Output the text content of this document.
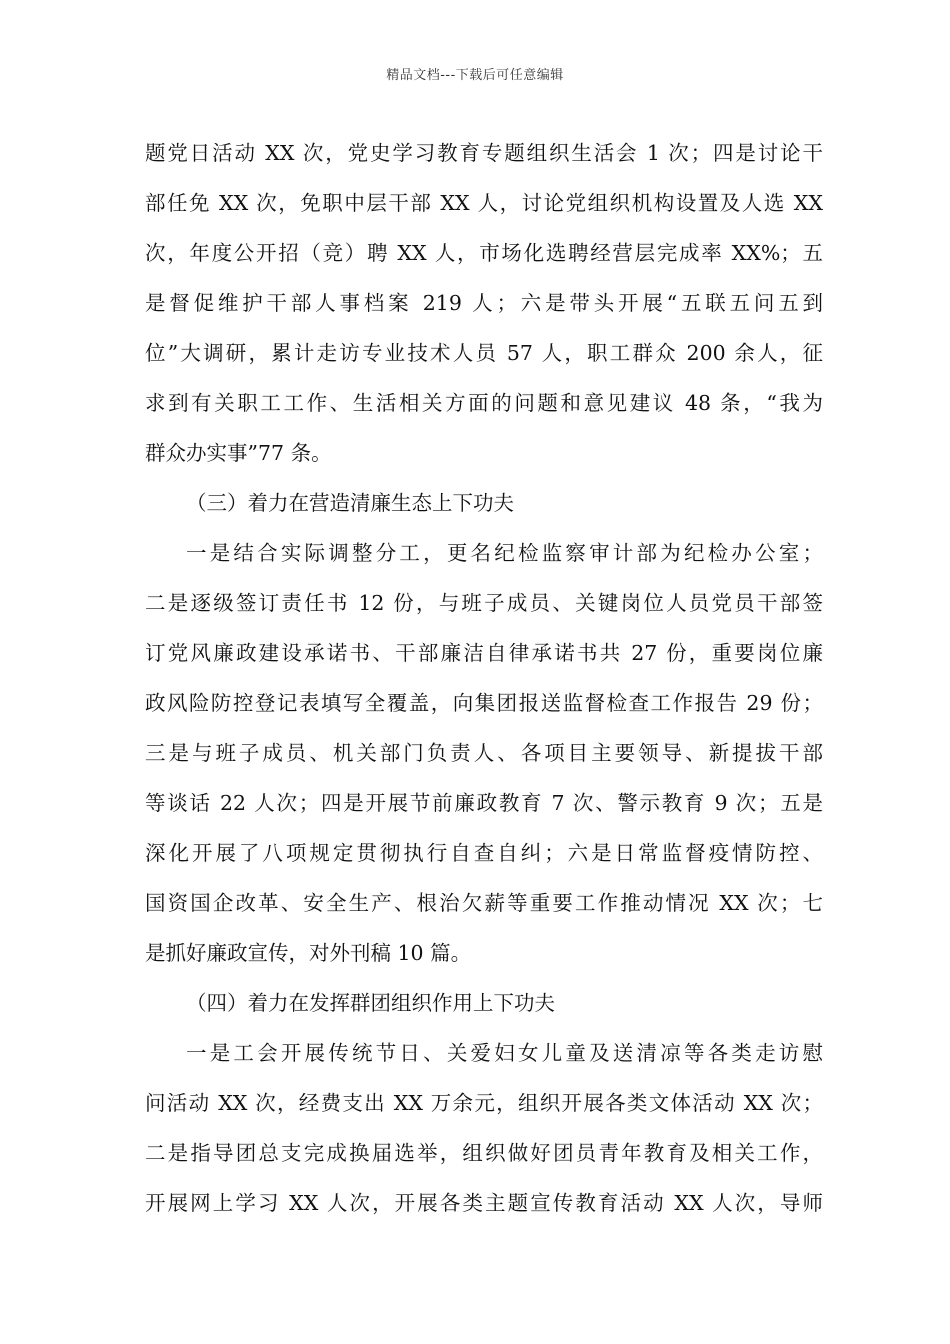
精品文档---下载后可任意编辑
题党日活动 XX 次，党史学习教育专题组织生活会 1 次；四是讨论干
部任免 XX 次，免职中层干部 XX 人，讨论党组织机构设置及人选 XX
次，年度公开招（竞）聘 XX 人，市场化选聘经营层完成率 XX%；五
是督促维护干部人事档案 219 人；六是带头开展“五联五问五到
位”大调研，累计走访专业技术人员 57 人，职工群众 200 余人，征
求到有关职工工作、生活相关方面的问题和意见建议 48 条，“我为
群众办实事”77 条。
（三）着力在营造清廉生态上下功夫
一是结合实际调整分工，更名纪检监察审计部为纪检办公室；
二是逐级签订责任书 12 份，与班子成员、关键岗位人员党员干部签
订党风廉政建设承诺书、干部廉洁自律承诺书共 27 份，重要岗位廉
政风险防控登记表填写全覆盖，向集团报送监督检查工作报告 29 份；
三是与班子成员、机关部门负责人、各项目主要领导、新提拔干部
等谈话 22 人次；四是开展节前廉政教育 7 次、警示教育 9 次；五是
深化开展了八项规定贯彻执行自查自纠；六是日常监督疫情防控、
国资国企改革、安全生产、根治欠薪等重要工作推动情况 XX 次；七
是抓好廉政宣传，对外刊稿 10 篇。
（四）着力在发挥群团组织作用上下功夫
一是工会开展传统节日、关爱妇女儿童及送清凉等各类走访慰
问活动 XX 次，经费支出 XX 万余元，组织开展各类文体活动 XX 次；
二是指导团总支完成换届选举，组织做好团员青年教育及相关工作，
开展网上学习 XX 人次，开展各类主题宣传教育活动 XX 人次，导师
